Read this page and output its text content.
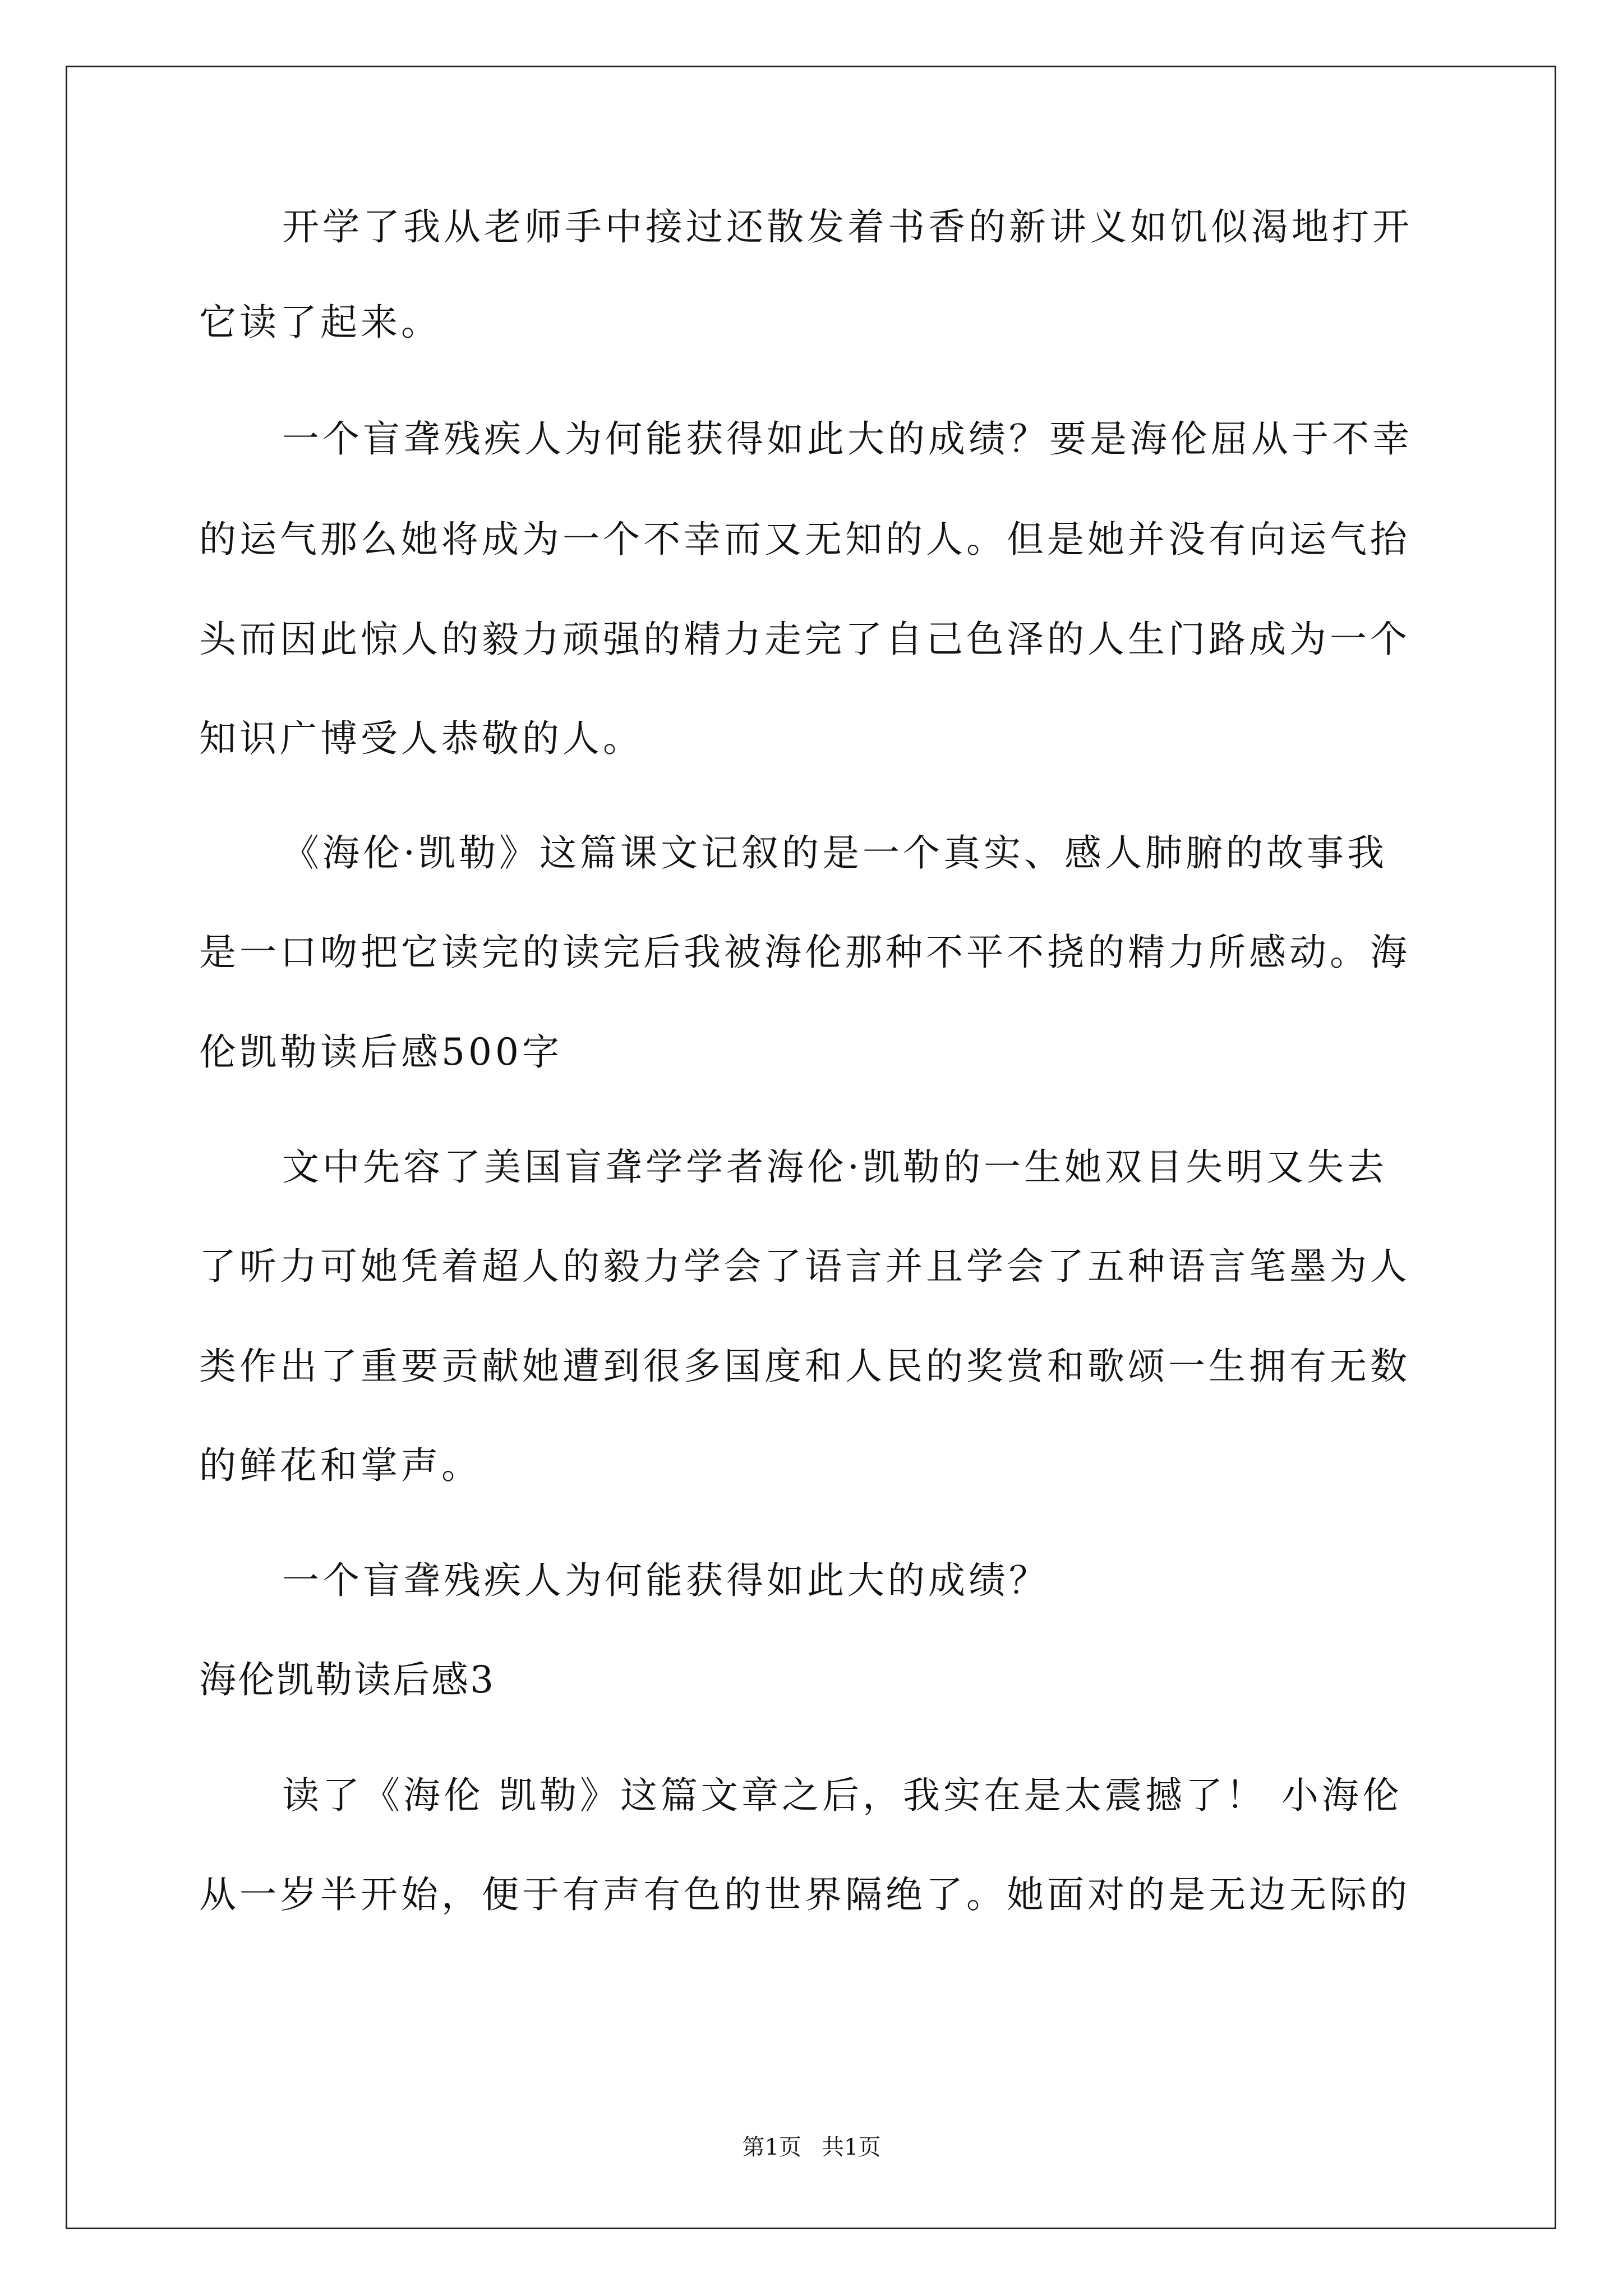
开学了我从老师手中接过还散发着书香的新讲义如饥似渴地打开
它读了起来。
一个盲聋残疾人为何能获得如此大的成绩？要是海伦屈从于不幸
的运气那么她将成为一个不幸而又无知的人。但是她并没有向运气抬
头而因此惊人的毅力顽强的精力走完了自己色泽的人生门路成为一个
知识广博受人恭敬的人。
《海伦·凯勒》这篇课文记叙的是一个真实、感人肺腑的故事我
是一口吻把它读完的读完后我被海伦那种不平不挠的精力所感动。海
伦凯勒读后感500字
文中先容了美国盲聋学学者海伦·凯勒的一生她双目失明又失去
了听力可她凭着超人的毅力学会了语言并且学会了五种语言笔墨为人
类作出了重要贡献她遭到很多国度和人民的奖赏和歌颂一生拥有无数
的鲜花和掌声。
一个盲聋残疾人为何能获得如此大的成绩？
海伦凯勒读后感3
读了《海伦 凯勒》这篇文章之后，我实在是太震撼了！ 小海伦
从一岁半开始，便于有声有色的世界隔绝了。她面对的是无边无际的
第1页 共1页
